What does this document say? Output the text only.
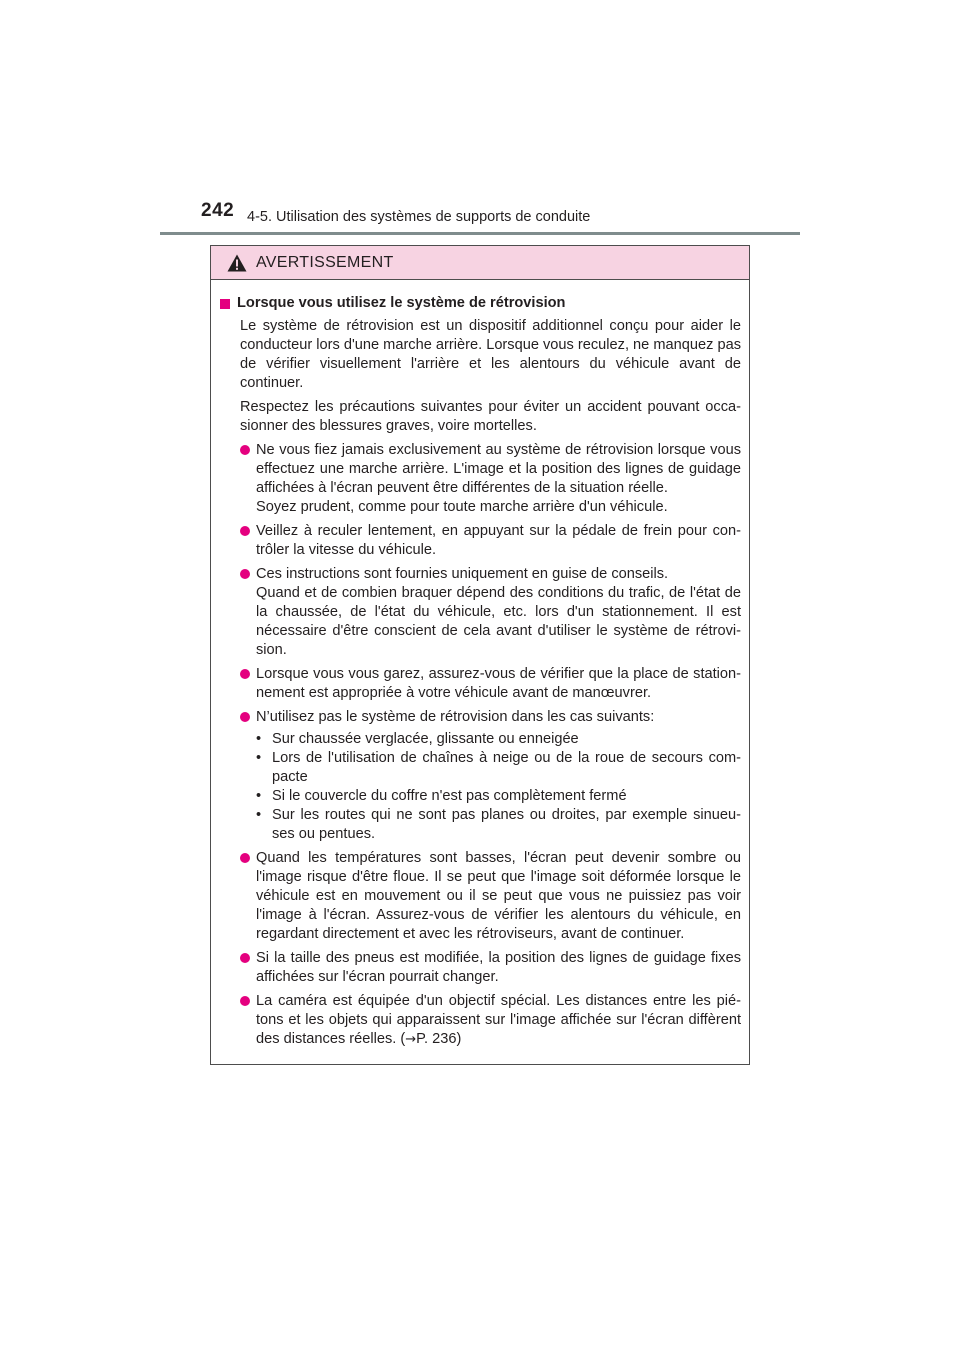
242 4-5. Utilisation des systèmes de supports de conduite
AVERTISSEMENT
Lorsque vous utilisez le système de rétrovision

Le système de rétrovision est un dispositif additionnel conçu pour aider le conducteur lors d'une marche arrière. Lorsque vous reculez, ne manquez pas de vérifier visuellement l'arrière et les alentours du véhicule avant de continuer.

Respectez les précautions suivantes pour éviter un accident pouvant occa-sionner des blessures graves, voire mortelles.

Ne vous fiez jamais exclusivement au système de rétrovision lorsque vous effectuez une marche arrière. L'image et la position des lignes de guidage affichées à l'écran peuvent être différentes de la situation réelle.
Soyez prudent, comme pour toute marche arrière d'un véhicule.
Veillez à reculer lentement, en appuyant sur la pédale de frein pour con-trôler la vitesse du véhicule.
Ces instructions sont fournies uniquement en guise de conseils.
Quand et de combien braquer dépend des conditions du trafic, de l'état de la chaussée, de l'état du véhicule, etc. lors d'un stationnement. Il est nécessaire d'être conscient de cela avant d'utiliser le système de rétrovi-sion.
Lorsque vous vous garez, assurez-vous de vérifier que la place de station-nement est appropriée à votre véhicule avant de manœuvrer.
N’utilisez pas le système de rétrovision dans les cas suivants:
• Sur chaussée verglacée, glissante ou enneigée
• Lors de l'utilisation de chaînes à neige ou de la roue de secours com-pacte
• Si le couvercle du coffre n'est pas complètement fermé
• Sur les routes qui ne sont pas planes ou droites, par exemple sinueu-ses ou pentues.
Quand les températures sont basses, l'écran peut devenir sombre ou l'image risque d'être floue. Il se peut que l'image soit déformée lorsque le véhicule est en mouvement ou il se peut que vous ne puissiez pas voir l'image à l'écran. Assurez-vous de vérifier les alentours du véhicule, en regardant directement et avec les rétroviseurs, avant de continuer.
Si la taille des pneus est modifiée, la position des lignes de guidage fixes affichées sur l'écran pourrait changer.
La caméra est équipée d'un objectif spécial. Les distances entre les pié-tons et les objets qui apparaissent sur l'image affichée sur l'écran diffèrent des distances réelles. (→P. 236)
